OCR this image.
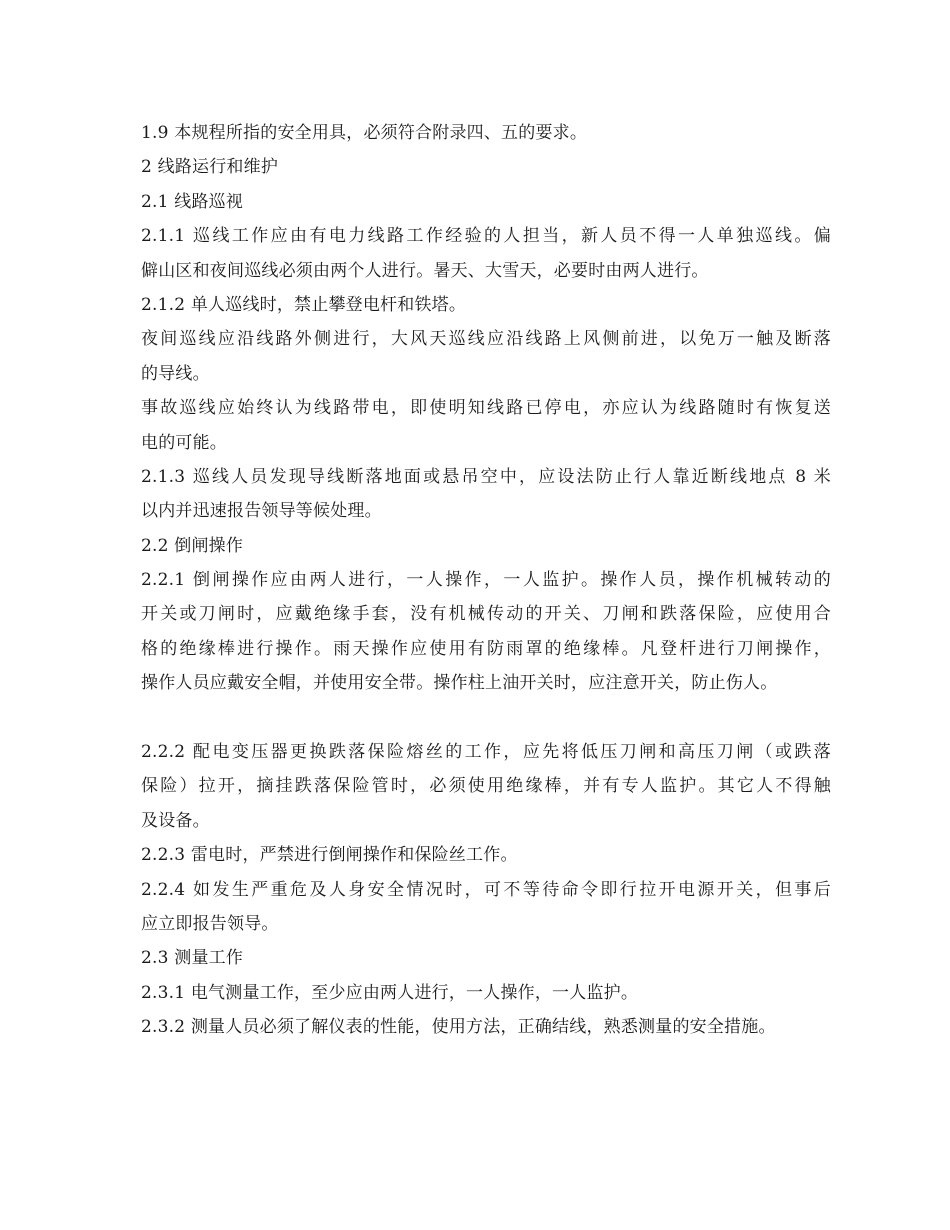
1.9 本规程所指的安全用具，必须符合附录四、五的要求。
2 线路运行和维护
2.1 线路巡视
2.1.1 巡线工作应由有电力线路工作经验的人担当，新人员不得一人单独巡线。偏
僻山区和夜间巡线必须由两个人进行。暑天、大雪天，必要时由两人进行。
2.1.2 单人巡线时，禁止攀登电杆和铁塔。
夜间巡线应沿线路外侧进行，大风天巡线应沿线路上风侧前进，以免万一触及断落
的导线。
事故巡线应始终认为线路带电，即使明知线路已停电，亦应认为线路随时有恢复送
电的可能。
2.1.3 巡线人员发现导线断落地面或悬吊空中，应设法防止行人靠近断线地点 8 米
以内并迅速报告领导等候处理。
2.2 倒闸操作
2.2.1 倒闸操作应由两人进行，一人操作，一人监护。操作人员，操作机械转动的
开关或刀闸时，应戴绝缘手套，没有机械传动的开关、刀闸和跌落保险，应使用合
格的绝缘棒进行操作。雨天操作应使用有防雨罩的绝缘棒。凡登杆进行刀闸操作，
操作人员应戴安全帽，并使用安全带。操作柱上油开关时，应注意开关，防止伤人。
2.2.2 配电变压器更换跌落保险熔丝的工作，应先将低压刀闸和高压刀闸（或跌落
保险）拉开，摘挂跌落保险管时，必须使用绝缘棒，并有专人监护。其它人不得触
及设备。
2.2.3 雷电时，严禁进行倒闸操作和保险丝工作。
2.2.4 如发生严重危及人身安全情况时，可不等待命令即行拉开电源开关，但事后
应立即报告领导。
2.3 测量工作
2.3.1 电气测量工作，至少应由两人进行，一人操作，一人监护。
2.3.2 测量人员必须了解仪表的性能，使用方法，正确结线，熟悉测量的安全措施。
